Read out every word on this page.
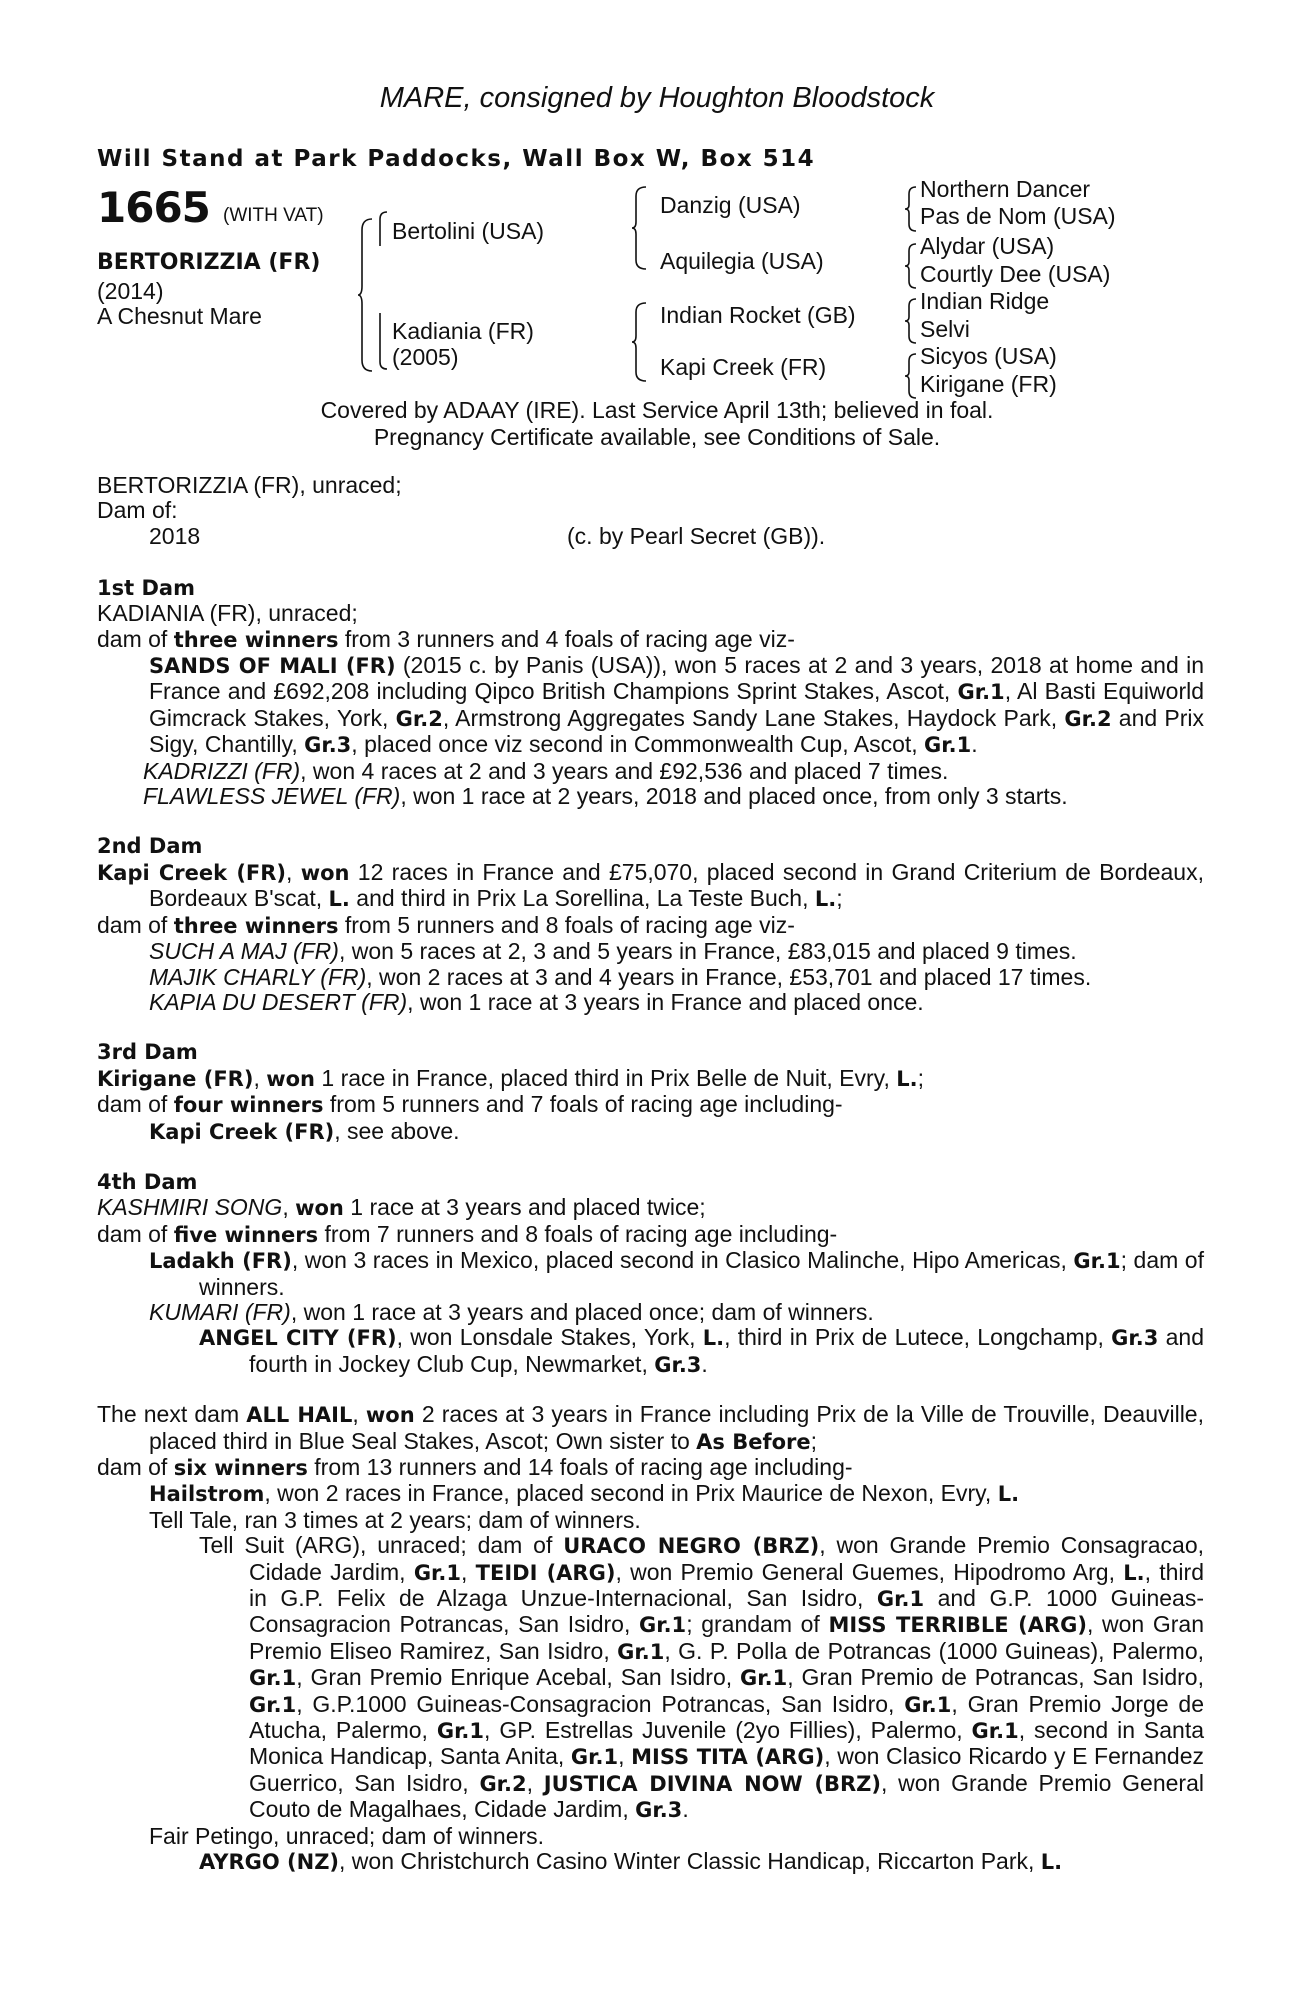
MARE, consigned by Houghton Bloodstock
Will Stand at Park Paddocks, Wall Box W, Box 514
1665 (WITH VAT)
BERTORIZZIA (FR)
(2014)
A Chesnut Mare
Bertolini (USA)
Kadiania (FR)
(2005)
Danzig (USA)
Aquilegia (USA)
Indian Rocket (GB)
Kapi Creek (FR)
Northern Dancer
Pas de Nom (USA)
Alydar (USA)
Courtly Dee (USA)
Indian Ridge
Selvi
Sicyos (USA)
Kirigane (FR)
Covered by ADAAY (IRE). Last Service April 13th; believed in foal.
Pregnancy Certificate available, see Conditions of Sale.

BERTORIZZIA (FR), unraced;

Dam of:

2018	(c. by Pearl Secret (GB)).

1st Dam

KADIANIA (FR), unraced;

dam of three winners from 3 runners and 4 foals of racing age viz-

SANDS OF MALI (FR) (2015 c. by Panis (USA)), won 5 races at 2 and 3 years, 2018 at home and in France and £692,208 including Qipco British Champions Sprint Stakes, Ascot, Gr.1, Al Basti Equiworld Gimcrack Stakes, York, Gr.2, Armstrong Aggregates Sandy Lane Stakes, Haydock Park, Gr.2 and Prix Sigy, Chantilly, Gr.3, placed once viz second in Commonwealth Cup, Ascot, Gr.1.

KADRIZZI (FR), won 4 races at 2 and 3 years and £92,536 and placed 7 times.

FLAWLESS JEWEL (FR), won 1 race at 2 years, 2018 and placed once, from only 3 starts.

2nd Dam

Kapi Creek (FR), won 12 races in France and £75,070, placed second in Grand Criterium de Bordeaux, Bordeaux B'scat, L. and third in Prix La Sorellina, La Teste Buch, L.;

dam of three winners from 5 runners and 8 foals of racing age viz-

SUCH A MAJ (FR), won 5 races at 2, 3 and 5 years in France, £83,015 and placed 9 times.

MAJIK CHARLY (FR), won 2 races at 3 and 4 years in France, £53,701 and placed 17 times.

KAPIA DU DESERT (FR), won 1 race at 3 years in France and placed once.

3rd Dam

Kirigane (FR), won 1 race in France, placed third in Prix Belle de Nuit, Evry, L.;

dam of four winners from 5 runners and 7 foals of racing age including-

Kapi Creek (FR), see above.

4th Dam

KASHMIRI SONG, won 1 race at 3 years and placed twice;

dam of five winners from 7 runners and 8 foals of racing age including-

Ladakh (FR), won 3 races in Mexico, placed second in Clasico Malinche, Hipo Americas, Gr.1; dam of winners.

KUMARI (FR), won 1 race at 3 years and placed once; dam of winners.

ANGEL CITY (FR), won Lonsdale Stakes, York, L., third in Prix de Lutece, Longchamp, Gr.3 and fourth in Jockey Club Cup, Newmarket, Gr.3.

The next dam ALL HAIL, won 2 races at 3 years in France including Prix de la Ville de Trouville, Deauville, placed third in Blue Seal Stakes, Ascot; Own sister to As Before;

dam of six winners from 13 runners and 14 foals of racing age including-

Hailstrom, won 2 races in France, placed second in Prix Maurice de Nexon, Evry, L.

Tell Tale, ran 3 times at 2 years; dam of winners.

Tell Suit (ARG), unraced; dam of URACO NEGRO (BRZ), won Grande Premio Consagracao, Cidade Jardim, Gr.1, TEIDI (ARG), won Premio General Guemes, Hipodromo Arg, L., third in G.P. Felix de Alzaga Unzue-Internacional, San Isidro, Gr.1 and G.P. 1000 Guineas-Consagracion Potrancas, San Isidro, Gr.1; grandam of MISS TERRIBLE (ARG), won Gran Premio Eliseo Ramirez, San Isidro, Gr.1, G. P. Polla de Potrancas (1000 Guineas), Palermo, Gr.1, Gran Premio Enrique Acebal, San Isidro, Gr.1, Gran Premio de Potrancas, San Isidro, Gr.1, G.P.1000 Guineas-Consagracion Potrancas, San Isidro, Gr.1, Gran Premio Jorge de Atucha, Palermo, Gr.1, GP. Estrellas Juvenile (2yo Fillies), Palermo, Gr.1, second in Santa Monica Handicap, Santa Anita, Gr.1, MISS TITA (ARG), won Clasico Ricardo y E Fernandez Guerrico, San Isidro, Gr.2, JUSTICA DIVINA NOW (BRZ), won Grande Premio General Couto de Magalhaes, Cidade Jardim, Gr.3.

Fair Petingo, unraced; dam of winners.

AYRGO (NZ), won Christchurch Casino Winter Classic Handicap, Riccarton Park, L.
